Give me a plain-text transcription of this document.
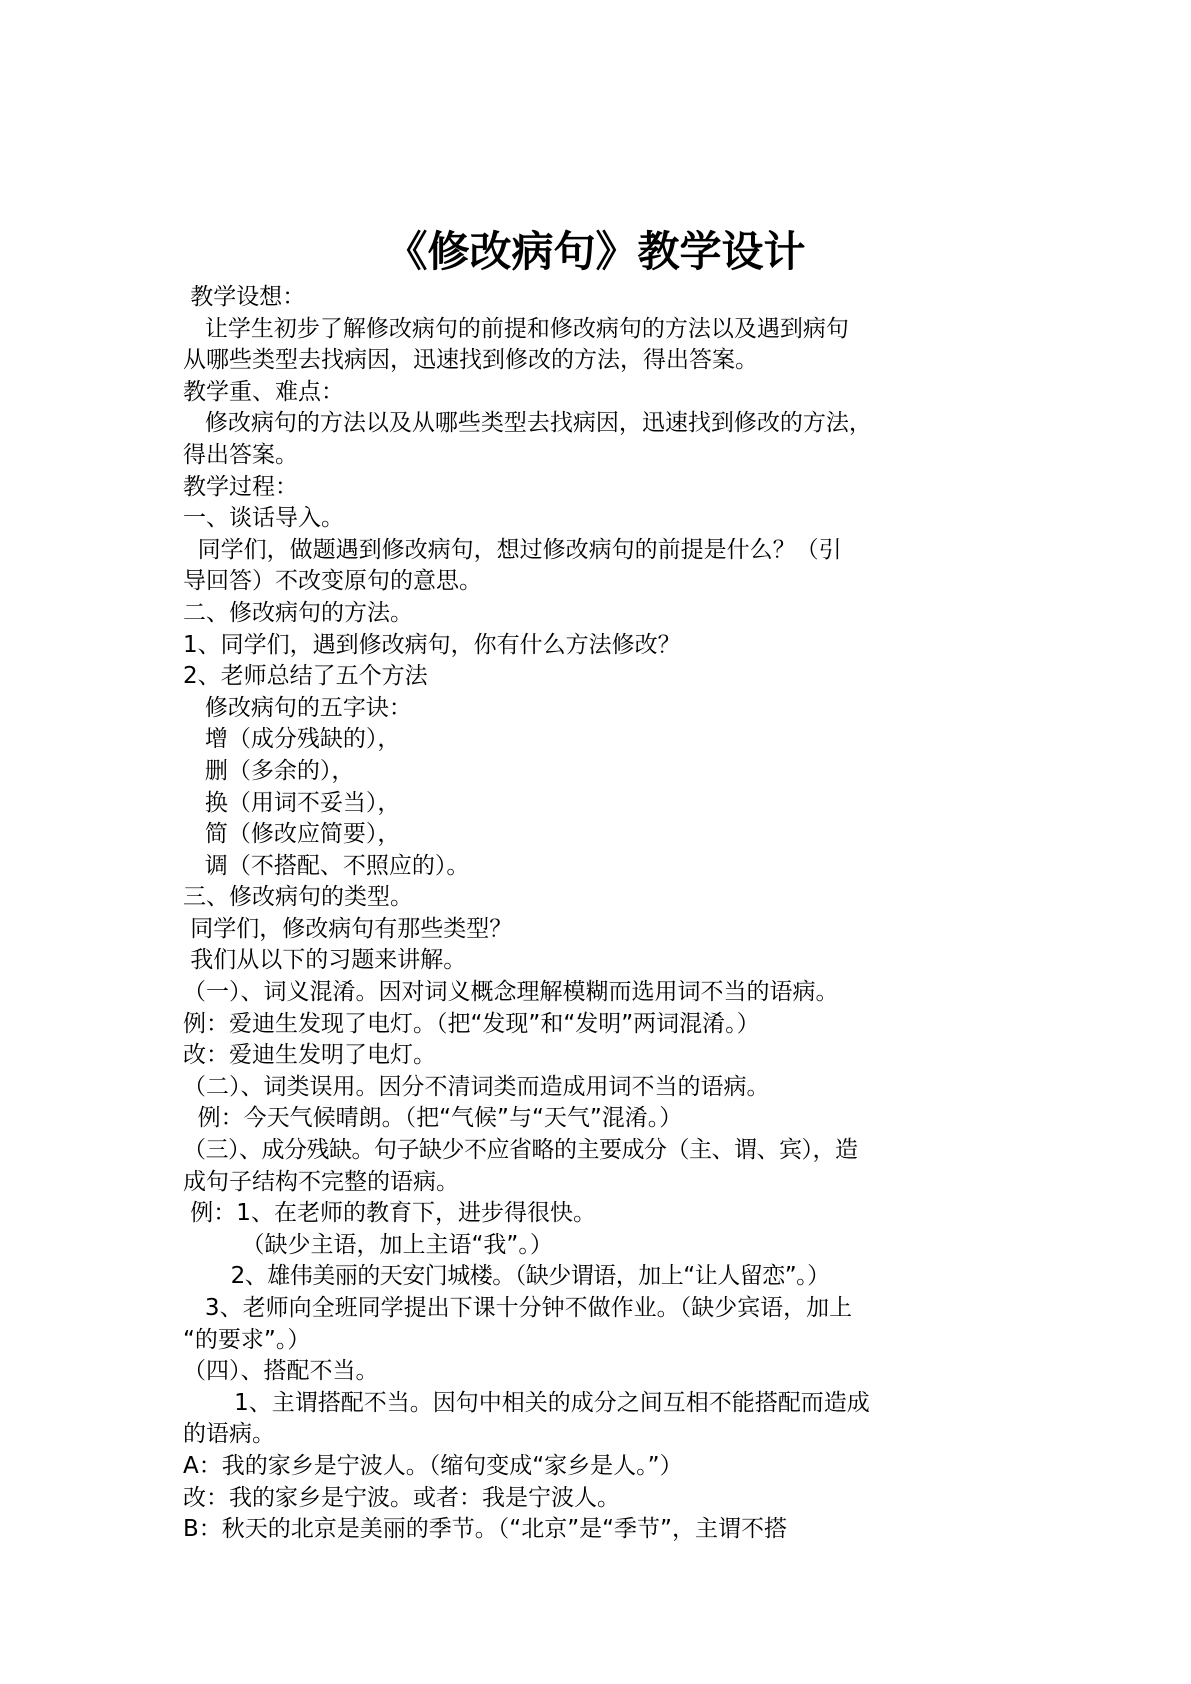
《修改病句》教学设计
教学设想：
让学生初步了解修改病句的前提和修改病句的方法以及遇到病句
从哪些类型去找病因，迅速找到修改的方法，得出答案。
教学重、难点：
修改病句的方法以及从哪些类型去找病因，迅速找到修改的方法，
得出答案。
教学过程：
一、谈话导入。
同学们，做题遇到修改病句，想过修改病句的前提是什么？（引
导回答）不改变原句的意思。
二、修改病句的方法。
1、同学们，遇到修改病句，你有什么方法修改？
2、老师总结了五个方法
修改病句的五字诀：
增（成分残缺的），
删（多余的），
换（用词不妥当），
简（修改应简要），
调（不搭配、不照应的）。
三、修改病句的类型。
同学们，修改病句有那些类型？
我们从以下的习题来讲解。
（一）、词义混淆。因对词义概念理解模糊而选用词不当的语病。
例：爱迪生发现了电灯。（把“发现”和“发明”两词混淆。）
改：爱迪生发明了电灯。
（二）、词类误用。因分不清词类而造成用词不当的语病。
例：今天气候晴朗。（把“气候”与“天气”混淆。）
（三）、成分残缺。句子缺少不应省略的主要成分（主、谓、宾），造
成句子结构不完整的语病。
例：1、在老师的教育下，进步得很快。
（缺少主语，加上主语“我”。）
2、雄伟美丽的天安门城楼。（缺少谓语，加上“让人留恋”。）
3、老师向全班同学提出下课十分钟不做作业。（缺少宾语，加上
“的要求”。）
（四）、搭配不当。
1、主谓搭配不当。因句中相关的成分之间互相不能搭配而造成
的语病。
A：我的家乡是宁波人。（缩句变成“家乡是人。”）
改：我的家乡是宁波。或者：我是宁波人。
B：秋天的北京是美丽的季节。（“北京”是“季节”，主谓不搭
